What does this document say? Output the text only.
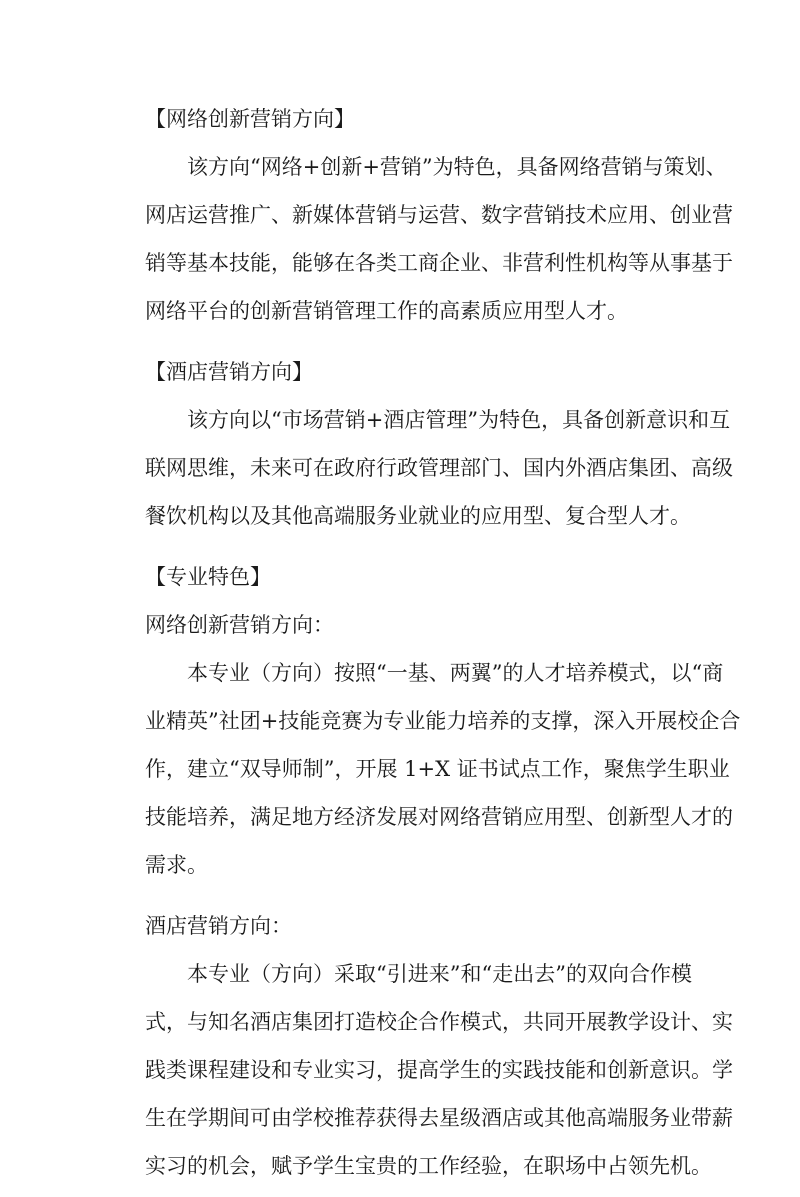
【网络创新营销方向】
该方向“网络+创新+营销”为特色，具备网络营销与策划、
网店运营推广、新媒体营销与运营、数字营销技术应用、创业营
销等基本技能，能够在各类工商企业、非营利性机构等从事基于
网络平台的创新营销管理工作的高素质应用型人才。
【酒店营销方向】
该方向以“市场营销+酒店管理”为特色，具备创新意识和互
联网思维，未来可在政府行政管理部门、国内外酒店集团、高级
餐饮机构以及其他高端服务业就业的应用型、复合型人才。
【专业特色】
网络创新营销方向：
本专业（方向）按照“一基、两翼”的人才培养模式，以“商
业精英”社团+技能竞赛为专业能力培养的支撑，深入开展校企合
作，建立“双导师制”，开展 1+X 证书试点工作，聚焦学生职业
技能培养，满足地方经济发展对网络营销应用型、创新型人才的
需求。
酒店营销方向：
本专业（方向）采取“引进来”和“走出去”的双向合作模
式，与知名酒店集团打造校企合作模式，共同开展教学设计、实
践类课程建设和专业实习，提高学生的实践技能和创新意识。学
生在学期间可由学校推荐获得去星级酒店或其他高端服务业带薪
实习的机会，赋予学生宝贵的工作经验，在职场中占领先机。
